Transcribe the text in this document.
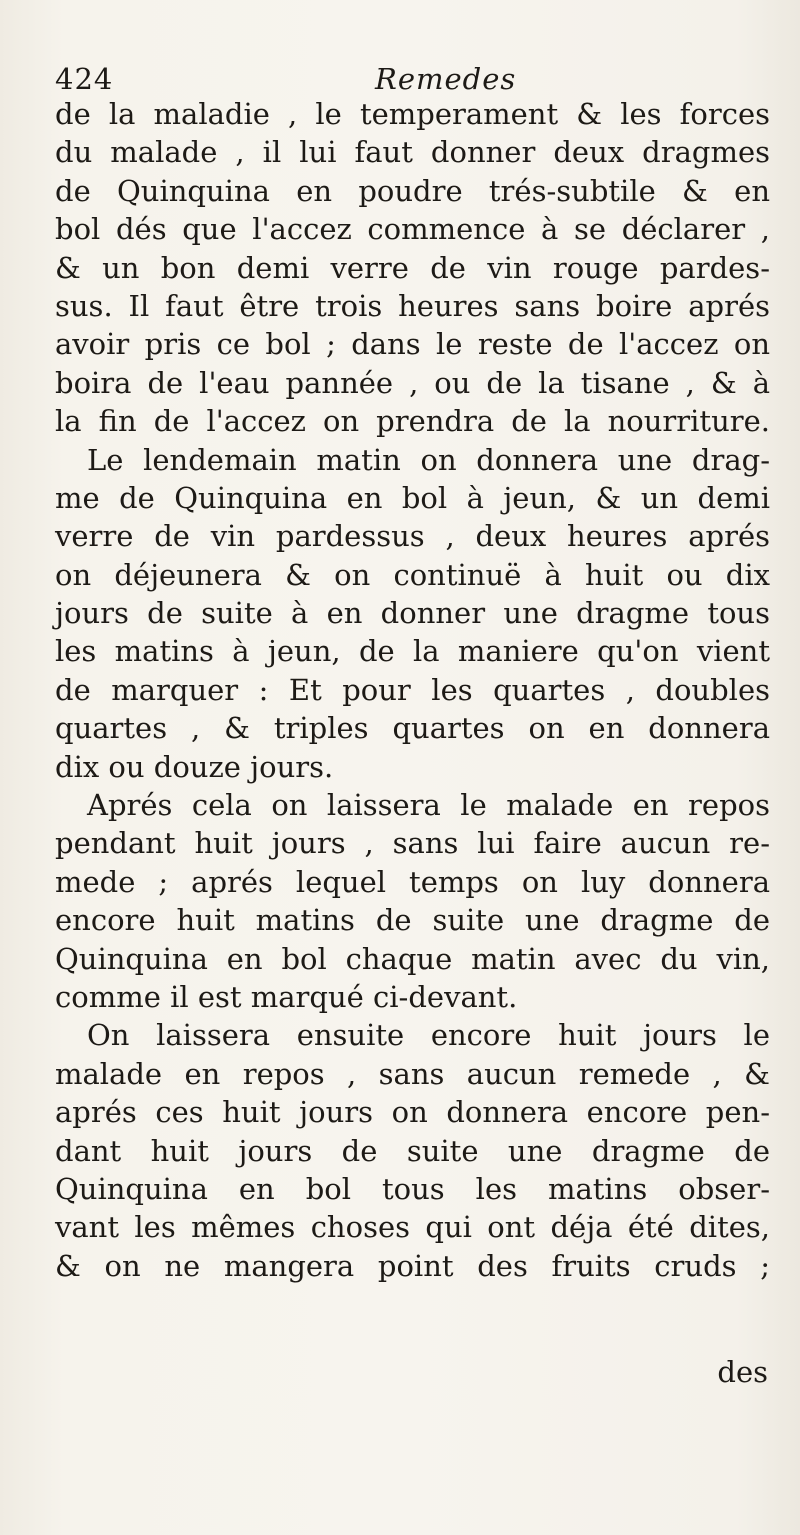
424	Remedes
de la maladie , le temperament & les forces
du malade , il lui faut donner deux dragmes
de Quinquina en poudre trés-subtile & en
bol dés que l'accez commence à se déclarer ,
& un bon demi verre de vin rouge pardes-
sus. Il faut être trois heures sans boire aprés
avoir pris ce bol ; dans le reste de l'accez on
boira de l'eau pannée , ou de la tisane , & à
la fin de l'accez on prendra de la nourriture.
Le lendemain matin on donnera une drag-
me de Quinquina en bol à jeun, & un demi
verre de vin pardessus , deux heures aprés
on déjeunera & on continuë à huit ou dix
jours de suite à en donner une dragme tous
les matins à jeun, de la maniere qu'on vient
de marquer : Et pour les quartes , doubles
quartes , & triples quartes on en donnera
dix ou douze jours.
Aprés cela on laissera le malade en repos
pendant huit jours , sans lui faire aucun re-
mede ; aprés lequel temps on luy donnera
encore huit matins de suite une dragme de
Quinquina en bol chaque matin avec du vin,
comme il est marqué ci-devant.
On laissera ensuite encore huit jours le
malade en repos , sans aucun remede , &
aprés ces huit jours on donnera encore pen-
dant huit jours de suite une dragme de
Quinquina en bol tous les matins obser-
vant les mêmes choses qui ont déja été dites,
& on ne mangera point des fruits cruds ;
des
